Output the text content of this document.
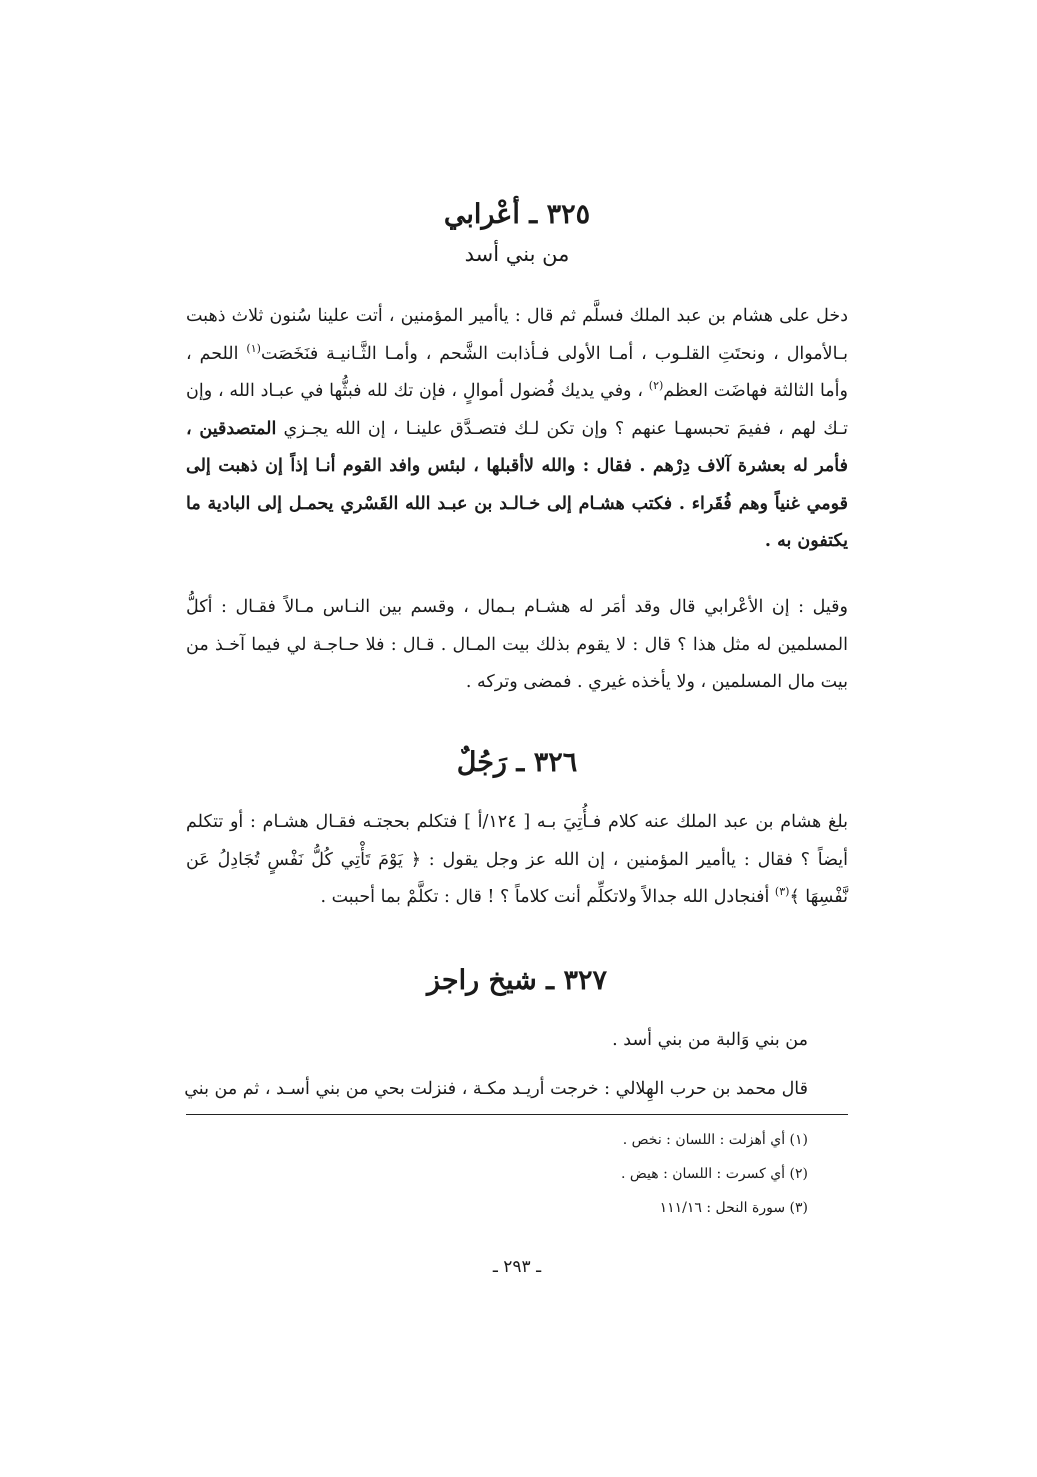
٣٢٥ ـ أعْرابي
من بني أسد

دخل على هشام بن عبد الملك فسلَّم ثم قال : ياأمير المؤمنين ، أتت علينا سُنون ثلاث ذهبت بـالأموال ، ونحتَتِ القلـوب ، أمـا الأولى فـأذابت الشَّحم ، وأمـا الثَّـانيـة فنَخَصَت$^{(١)}$ اللحم ، وأما الثالثة فهاضَت العظم$^{(٢)}$ ، وفي يديك فُضول أموالٍ ، فإن تك لله فبثُّها في عبـاد الله ، وإن تـك لهم ، ففيمَ تحبسهـا عنهم ؟ وإن تكن لـك فتصـدَّق علينـا ، إن الله يجـزي المتصدقين ، فأمر له بعشرة آلاف دِرْهم . فقال : والله لاأقبلها ، لبئس وافد القوم أنـا إذاً إن ذهبت إلى قومي غنياً وهم فُقَراء . فكتب هشـام إلى خـالـد بن عبـد الله القَسْري يحمـل إلى البادية ما يكتفون به .

وقيل : إن الأعْرابي قال وقد أمَر له هشـام بـمال ، وقسم بين النـاس مـالاً فقـال : أكلُّ المسلمين له مثل هذا ؟ قال : لا يقوم بذلك بيت المـال . قـال : فلا حـاجـة لي فيما آخـذ من بيت مال المسلمين ، ولا يأخذه غيري . فمضى وتركه .

٣٢٦ ـ رَجُلٌ

بلغ هشام بن عبد الملك عنه كلام فـأُتِيَ بـه [ ١٢٤/أ ] فتكلم بحجتـه فقـال هشـام : أو تتكلم أيضاً ؟ فقال : ياأمير المؤمنين ، إن الله عز وجل يقول : ﴿ يَوْمَ تَأْتِي كُلُّ نَفْسٍ تُجَادِلُ عَن نَّفْسِهَا ﴾$^{(٣)}$ أفنجادل الله جدالاً ولاتكلِّم أنت كلاماً ؟ ! قال : تكلَّمْ بما أحببت .

٣٢٧ ـ شيخ راجز
من بني وَالبة من بني أسد .
قال محمد بن حرب الهِلالي : خرجت أريـد مكـة ، فنزلت بحي من بني أسـد ، ثم من بني
(١) أي أهزلت : اللسان : نخص .
(٢) أي كسرت : اللسان : هيض .
(٣) سورة النحل : ١١١/١٦
ـ ٢٩٣ ـ
